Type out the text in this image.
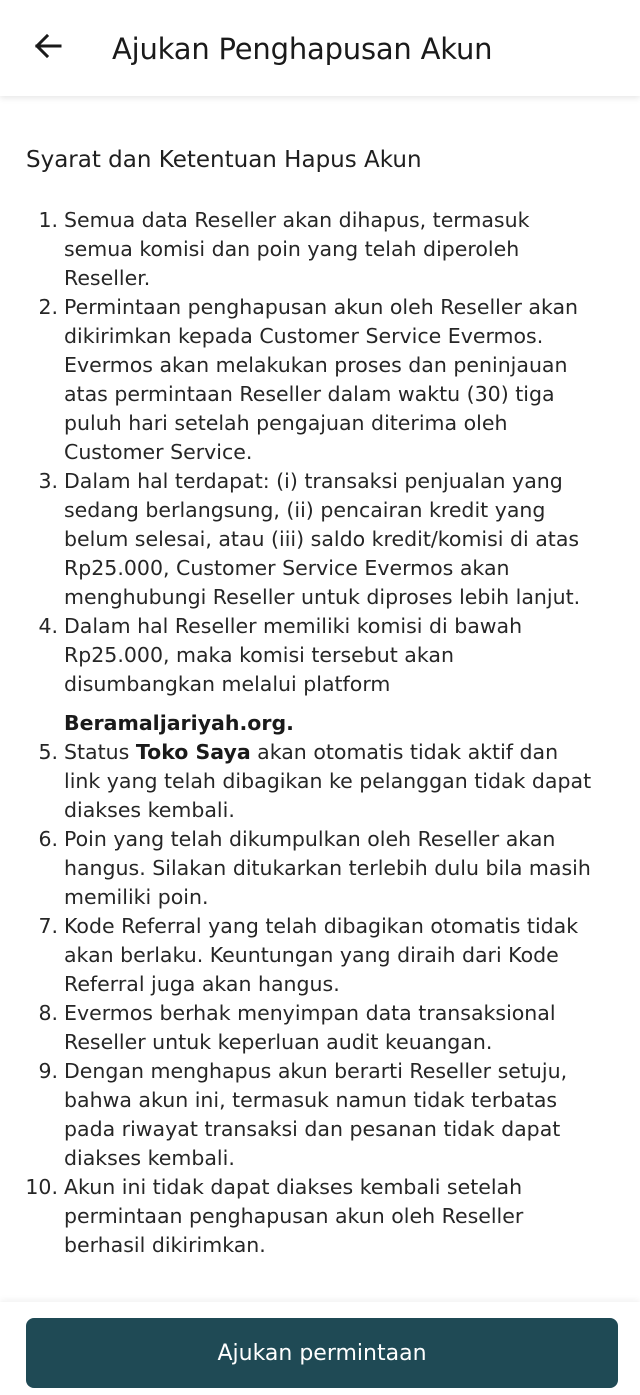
Ajukan Penghapusan Akun
Syarat dan Ketentuan Hapus Akun
1. Semua data Reseller akan dihapus, termasuk
semua komisi dan poin yang telah diperoleh
Reseller.
2. Permintaan penghapusan akun oleh Reseller akan
dikirimkan kepada Customer Service Evermos.
Evermos akan melakukan proses dan peninjauan
atas permintaan Reseller dalam waktu (30) tiga
puluh hari setelah pengajuan diterima oleh
Customer Service.
3. Dalam hal terdapat: (i) transaksi penjualan yang
sedang berlangsung, (ii) pencairan kredit yang
belum selesai, atau (iii) saldo kredit/komisi di atas
Rp25.000, Customer Service Evermos akan
menghubungi Reseller untuk diproses lebih lanjut.
4. Dalam hal Reseller memiliki komisi di bawah
Rp25.000, maka komisi tersebut akan
disumbangkan melalui platform
Beramaljariyah.org.
5. Status Toko Saya akan otomatis tidak aktif dan
link yang telah dibagikan ke pelanggan tidak dapat
diakses kembali.
6. Poin yang telah dikumpulkan oleh Reseller akan
hangus. Silakan ditukarkan terlebih dulu bila masih
memiliki poin.
7. Kode Referral yang telah dibagikan otomatis tidak
akan berlaku. Keuntungan yang diraih dari Kode
Referral juga akan hangus.
8. Evermos berhak menyimpan data transaksional
Reseller untuk keperluan audit keuangan.
9. Dengan menghapus akun berarti Reseller setuju,
bahwa akun ini, termasuk namun tidak terbatas
pada riwayat transaksi dan pesanan tidak dapat
diakses kembali.
10. Akun ini tidak dapat diakses kembali setelah
permintaan penghapusan akun oleh Reseller
berhasil dikirimkan.
Ajukan permintaan
